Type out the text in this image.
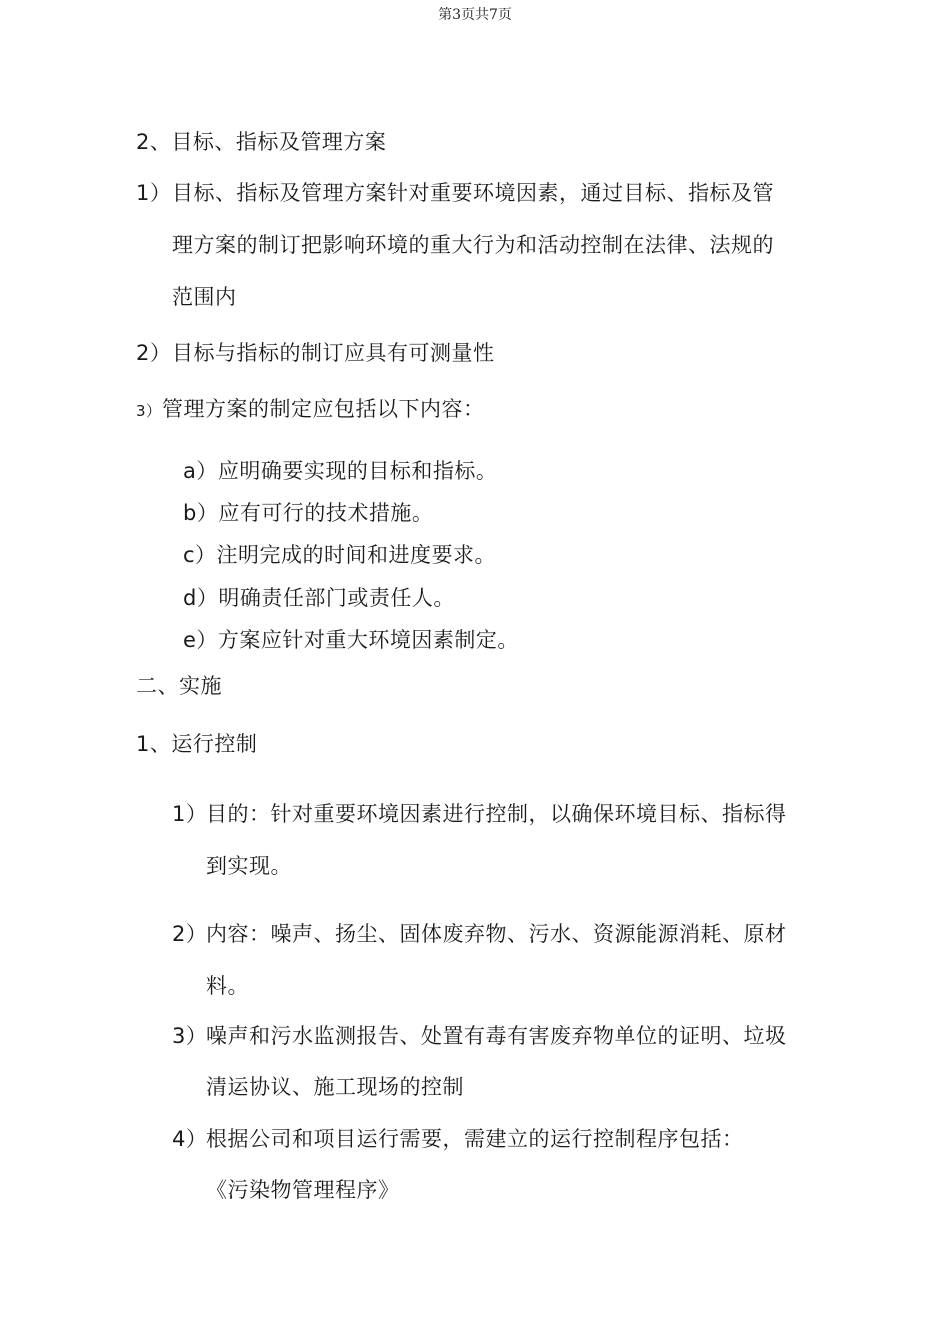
第3页共7页
2、目标、指标及管理方案
1）目标、指标及管理方案针对重要环境因素，通过目标、指标及管
理方案的制订把影响环境的重大行为和活动控制在法律、法规的
范围内
2）目标与指标的制订应具有可测量性
3）管理方案的制定应包括以下内容：
a）应明确要实现的目标和指标。
b）应有可行的技术措施。
c）注明完成的时间和进度要求。
d）明确责任部门或责任人。
e）方案应针对重大环境因素制定。
二、实施
1、运行控制
1）目的：针对重要环境因素进行控制，以确保环境目标、指标得
到实现。
2）内容：噪声、扬尘、固体废弃物、污水、资源能源消耗、原材
料。
3）噪声和污水监测报告、处置有毒有害废弃物单位的证明、垃圾
清运协议、施工现场的控制
4）根据公司和项目运行需要，需建立的运行控制程序包括：
《污染物管理程序》
